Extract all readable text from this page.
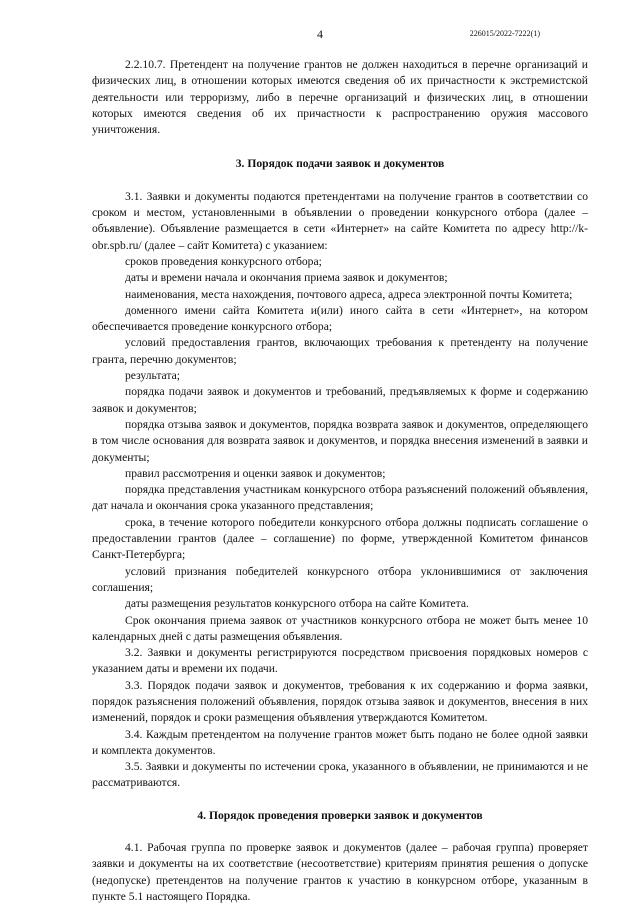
4	226015/2022-7222(1)

2.2.10.7. Претендент на получение грантов не должен находиться в перечне организаций и физических лиц, в отношении которых имеются сведения об их причастности к экстремистской деятельности или терроризму, либо в перечне организаций и физических лиц, в отношении которых имеются сведения об их причастности к распространению оружия массового уничтожения.

3. Порядок подачи заявок и документов

3.1. Заявки и документы подаются претендентами на получение грантов в соответствии со сроком и местом, установленными в объявлении о проведении конкурсного отбора (далее – объявление). Объявление размещается в сети «Интернет» на сайте Комитета по адресу http://k-obr.spb.ru/ (далее – сайт Комитета) с указанием:

сроков проведения конкурсного отбора;

даты и времени начала и окончания приема заявок и документов;

наименования, места нахождения, почтового адреса, адреса электронной почты Комитета;

доменного имени сайта Комитета и(или) иного сайта в сети «Интернет», на котором обеспечивается проведение конкурсного отбора;

условий предоставления грантов, включающих требования к претенденту на получение гранта, перечню документов;

результата;

порядка подачи заявок и документов и требований, предъявляемых к форме и содержанию заявок и документов;

порядка отзыва заявок и документов, порядка возврата заявок и документов, определяющего в том числе основания для возврата заявок и документов, и порядка внесения изменений в заявки и документы;

правил рассмотрения и оценки заявок и документов;

порядка представления участникам конкурсного отбора разъяснений положений объявления, дат начала и окончания срока указанного представления;

срока, в течение которого победители конкурсного отбора должны подписать соглашение о предоставлении грантов (далее – соглашение) по форме, утвержденной Комитетом финансов Санкт-Петербурга;

условий признания победителей конкурсного отбора уклонившимися от заключения соглашения;

даты размещения результатов конкурсного отбора на сайте Комитета.

Срок окончания приема заявок от участников конкурсного отбора не может быть менее 10 календарных дней с даты размещения объявления.

3.2. Заявки и документы регистрируются посредством присвоения порядковых номеров с указанием даты и времени их подачи.

3.3. Порядок подачи заявок и документов, требования к их содержанию и форма заявки, порядок разъяснения положений объявления, порядок отзыва заявок и документов, внесения в них изменений, порядок и сроки размещения объявления утверждаются Комитетом.

3.4. Каждым претендентом на получение грантов может быть подано не более одной заявки и комплекта документов.

3.5. Заявки и документы по истечении срока, указанного в объявлении, не принимаются и не рассматриваются.

4. Порядок проведения проверки заявок и документов

4.1. Рабочая группа по проверке заявок и документов (далее – рабочая группа) проверяет заявки и документы на их соответствие (несоответствие) критериям принятия решения о допуске (недопуске) претендентов на получение грантов к участию в конкурсном отборе, указанным в пункте 5.1 настоящего Порядка.
